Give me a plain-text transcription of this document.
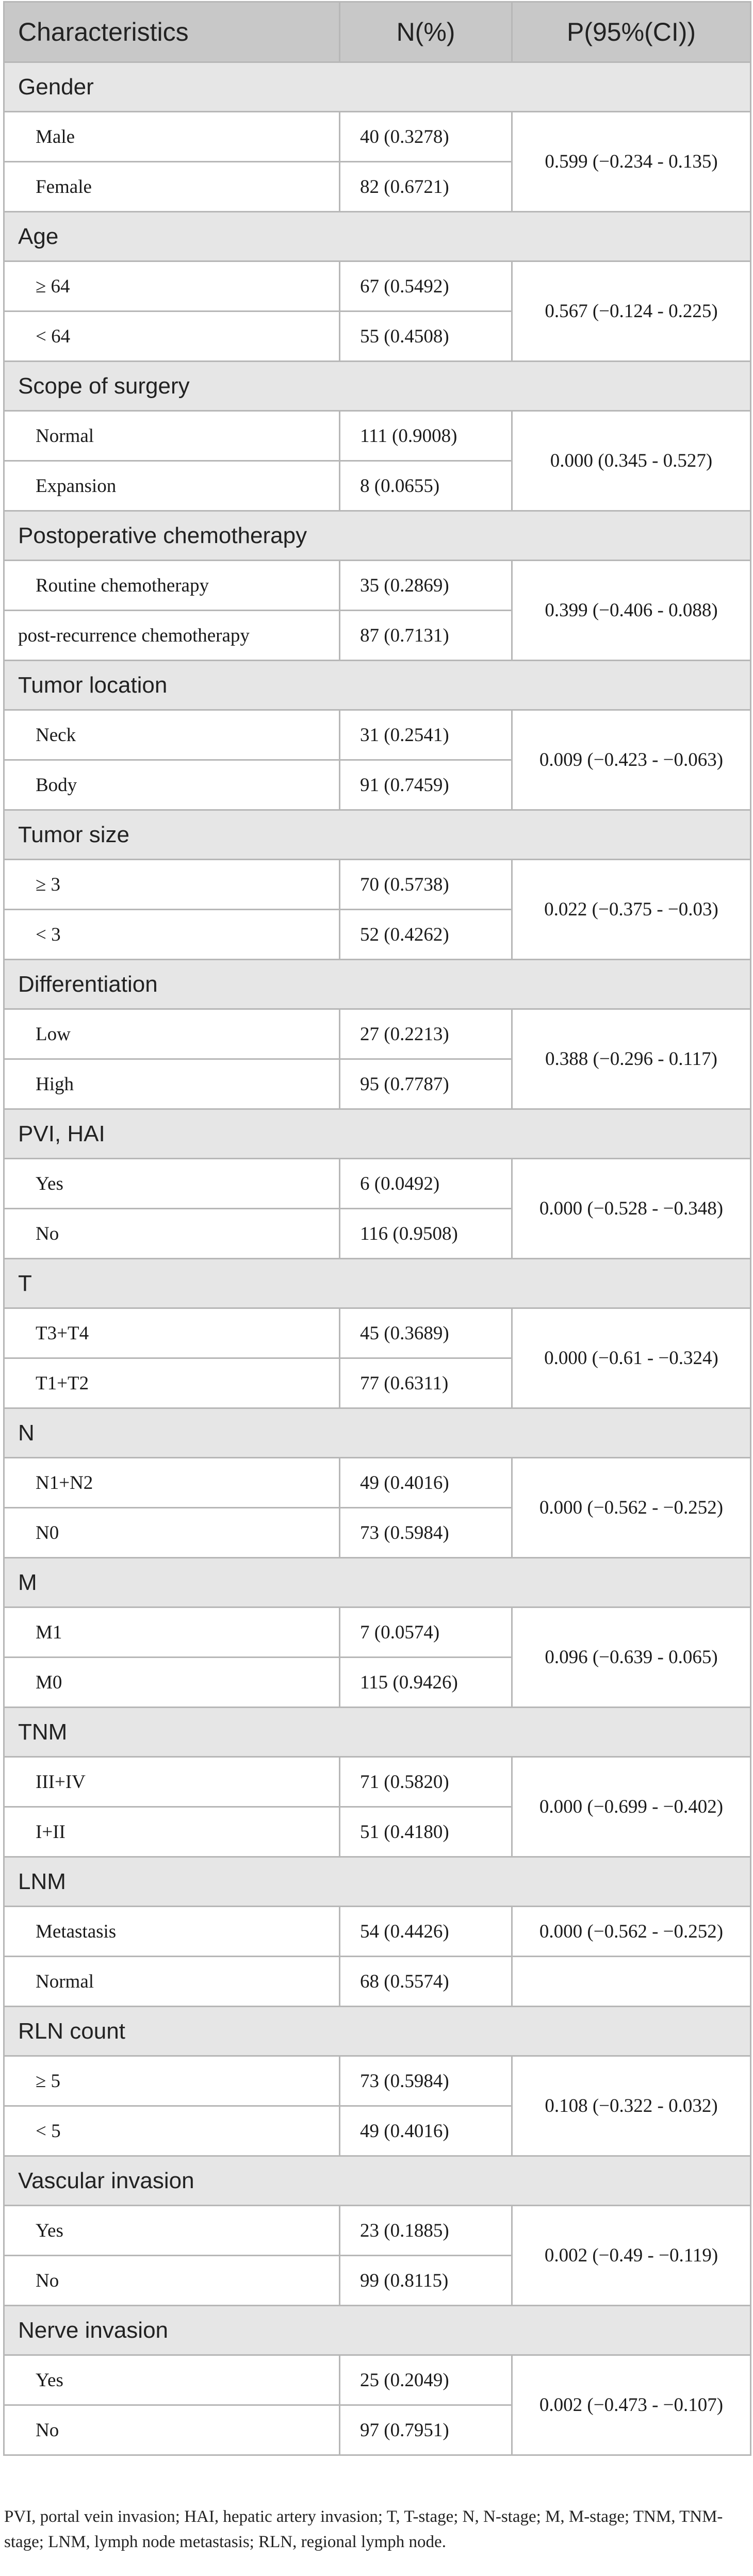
Characteristics	N(%)	P(95%(CI))
Gender		
Male	40 (0.3278)	0.599 (−0.234 - 0.135)
Female	82 (0.6721)	
Age		
≥ 64	67 (0.5492)	0.567 (−0.124 - 0.225)
< 64	55 (0.4508)	
Scope of surgery		
Normal	111 (0.9008)	0.000 (0.345 - 0.527)
Expansion	8 (0.0655)	
Postoperative chemotherapy		
Routine chemotherapy	35 (0.2869)	0.399 (−0.406 - 0.088)
post-recurrence chemotherapy	87 (0.7131)	
Tumor location		
Neck	31 (0.2541)	0.009 (−0.423 - −0.063)
Body	91 (0.7459)	
Tumor size		
≥ 3	70 (0.5738)	0.022 (−0.375 - −0.03)
< 3	52 (0.4262)	
Differentiation		
Low	27 (0.2213)	0.388 (−0.296 - 0.117)
High	95 (0.7787)	
PVI, HAI		
Yes	6 (0.0492)	0.000 (−0.528 - −0.348)
No	116 (0.9508)	
T		
T3+T4	45 (0.3689)	0.000 (−0.61 - −0.324)
T1+T2	77 (0.6311)	
N		
N1+N2	49 (0.4016)	0.000 (−0.562 - −0.252)
N0	73 (0.5984)	
M		
M1	7 (0.0574)	0.096 (−0.639 - 0.065)
M0	115 (0.9426)	
TNM		
III+IV	71 (0.5820)	0.000 (−0.699 - −0.402)
I+II	51 (0.4180)	
LNM		
Metastasis	54 (0.4426)	0.000 (−0.562 - −0.252)
Normal	68 (0.5574)	
RLN count		
≥ 5	73 (0.5984)	0.108 (−0.322 - 0.032)
< 5	49 (0.4016)	
Vascular invasion		
Yes	23 (0.1885)	0.002 (−0.49 - −0.119)
No	99 (0.8115)	
Nerve invasion		
Yes	25 (0.2049)	0.002 (−0.473 - −0.107)
No	97 (0.7951)	
PVI, portal vein invasion; HAI, hepatic artery invasion; T, T-stage; N, N-stage; M, M-stage; TNM, TNM-stage; LNM, lymph node metastasis; RLN, regional lymph node.
